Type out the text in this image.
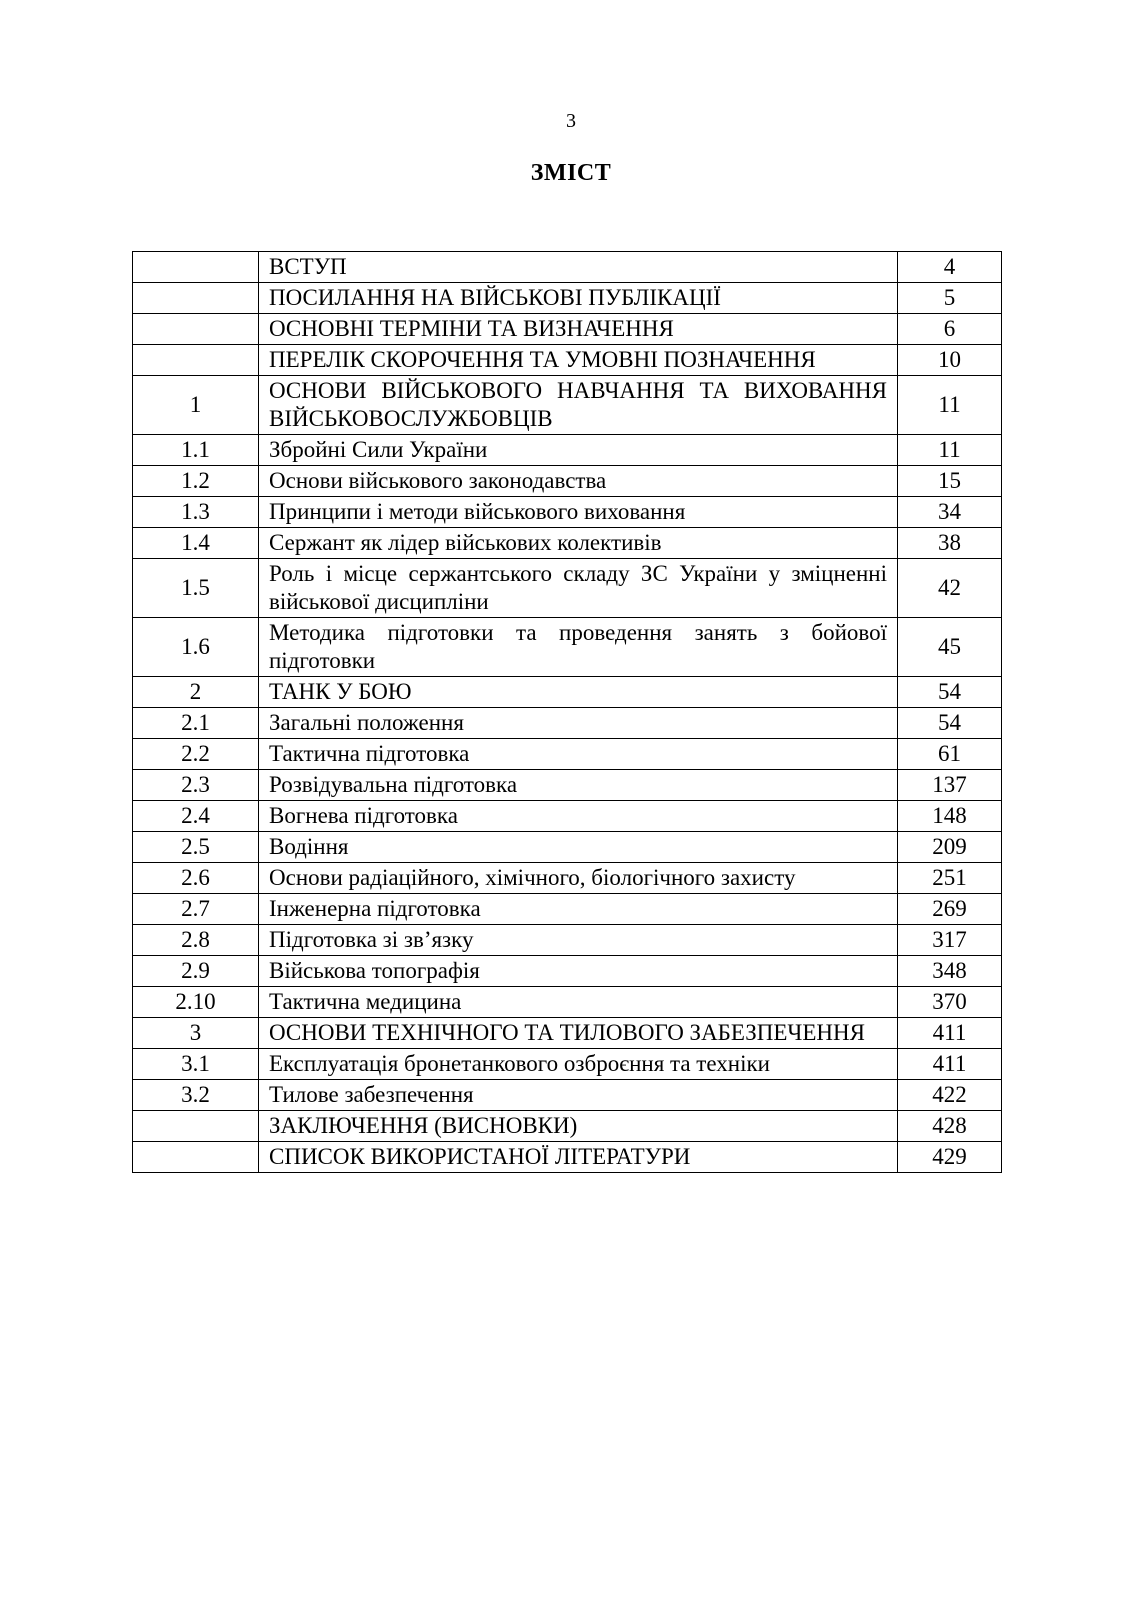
3
ЗМІСТ
	ВСТУП	4
	ПОСИЛАННЯ НА ВІЙСЬКОВІ ПУБЛІКАЦІЇ	5
	ОСНОВНІ ТЕРМІНИ ТА ВИЗНАЧЕННЯ	6
	ПЕРЕЛІК СКОРОЧЕННЯ ТА УМОВНІ ПОЗНАЧЕННЯ	10
1	ОСНОВИ ВІЙСЬКОВОГО НАВЧАННЯ ТА ВИХОВАННЯ ВІЙСЬКОВОСЛУЖБОВЦІВ	11
1.1	Збройні Сили України	11
1.2	Основи військового законодавства	15
1.3	Принципи і методи військового виховання	34
1.4	Сержант як лідер військових колективів	38
1.5	Роль і місце сержантського складу ЗС України у зміцненні військової дисципліни	42
1.6	Методика підготовки та проведення занять з бойової підготовки	45
2	ТАНК У БОЮ	54
2.1	Загальні положення	54
2.2	Тактична підготовка	61
2.3	Розвідувальна підготовка	137
2.4	Вогнева підготовка	148
2.5	Водіння	209
2.6	Основи радіаційного, хімічного, біологічного захисту	251
2.7	Інженерна підготовка	269
2.8	Підготовка зі зв’язку	317
2.9	Військова топографія	348
2.10	Тактична медицина	370
3	ОСНОВИ ТЕХНІЧНОГО ТА ТИЛОВОГО ЗАБЕЗПЕЧЕННЯ	411
3.1	Експлуатація бронетанкового озброєння та техніки	411
3.2	Тилове забезпечення	422
	ЗАКЛЮЧЕННЯ (ВИСНОВКИ)	428
	СПИСОК ВИКОРИСТАНОЇ ЛІТЕРАТУРИ	429
